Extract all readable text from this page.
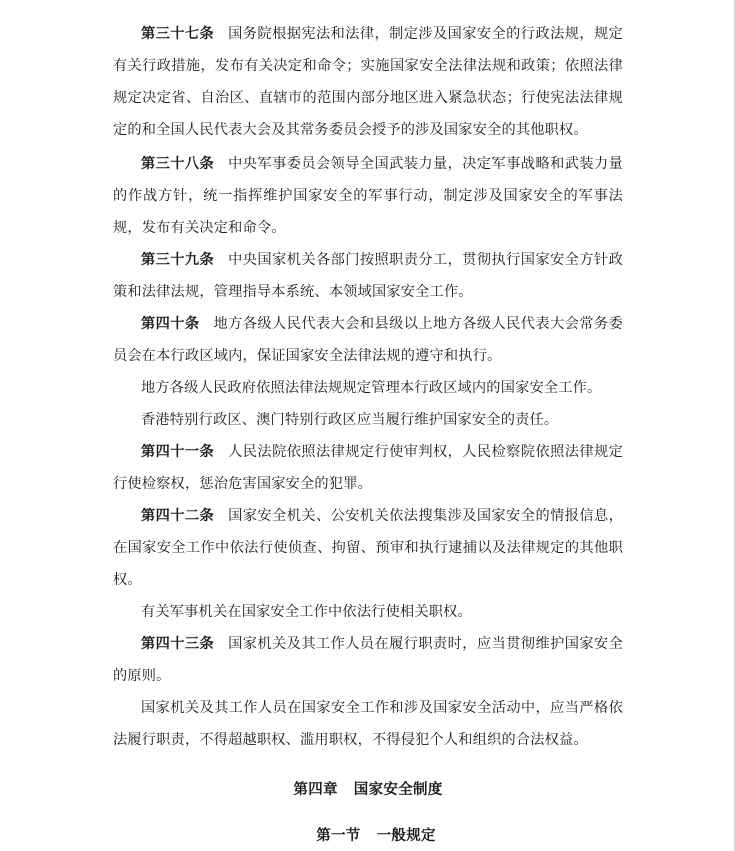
第三十七条 国务院根据宪法和法律，制定涉及国家安全的行政法规，规定有关行政措施，发布有关决定和命令；实施国家安全法律法规和政策；依照法律规定决定省、自治区、直辖市的范围内部分地区进入紧急状态；行使宪法法律规定的和全国人民代表大会及其常务委员会授予的涉及国家安全的其他职权。

第三十八条 中央军事委员会领导全国武装力量，决定军事战略和武装力量的作战方针，统一指挥维护国家安全的军事行动，制定涉及国家安全的军事法规，发布有关决定和命令。

第三十九条 中央国家机关各部门按照职责分工，贯彻执行国家安全方针政策和法律法规，管理指导本系统、本领域国家安全工作。

第四十条 地方各级人民代表大会和县级以上地方各级人民代表大会常务委员会在本行政区域内，保证国家安全法律法规的遵守和执行。

地方各级人民政府依照法律法规规定管理本行政区域内的国家安全工作。

香港特别行政区、澳门特别行政区应当履行维护国家安全的责任。

第四十一条 人民法院依照法律规定行使审判权，人民检察院依照法律规定行使检察权，惩治危害国家安全的犯罪。

第四十二条 国家安全机关、公安机关依法搜集涉及国家安全的情报信息，在国家安全工作中依法行使侦查、拘留、预审和执行逮捕以及法律规定的其他职权。

有关军事机关在国家安全工作中依法行使相关职权。

第四十三条 国家机关及其工作人员在履行职责时，应当贯彻维护国家安全的原则。

国家机关及其工作人员在国家安全工作和涉及国家安全活动中，应当严格依法履行职责，不得超越职权、滥用职权，不得侵犯个人和组织的合法权益。

第四章 国家安全制度

第一节 一般规定
